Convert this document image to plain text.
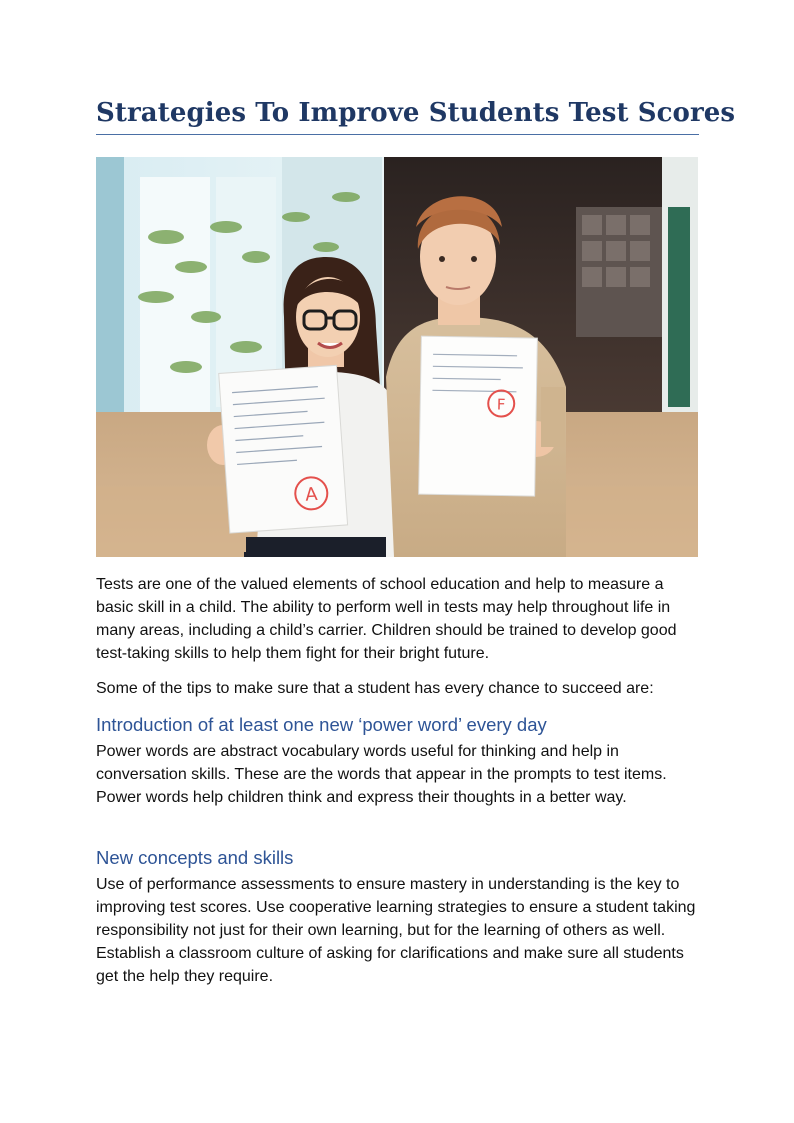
Strategies To Improve Students Test Scores
A
F

Tests are one of the valued elements of school education and help to measure a basic skill in a child. The ability to perform well in tests may help throughout life in many areas, including a child’s carrier. Children should be trained to develop good test-taking skills to help them fight for their bright future.

Some of the tips to make sure that a student has every chance to succeed are:

Introduction of at least one new ‘power word’ every day

Power words are abstract vocabulary words useful for thinking and help in conversation skills. These are the words that appear in the prompts to test items. Power words help children think and express their thoughts in a better way.

New concepts and skills

Use of performance assessments to ensure mastery in understanding is the key to improving test scores. Use cooperative learning strategies to ensure a student taking responsibility not just for their own learning, but for the learning of others as well. Establish a classroom culture of asking for clarifications and make sure all students get the help they require.
